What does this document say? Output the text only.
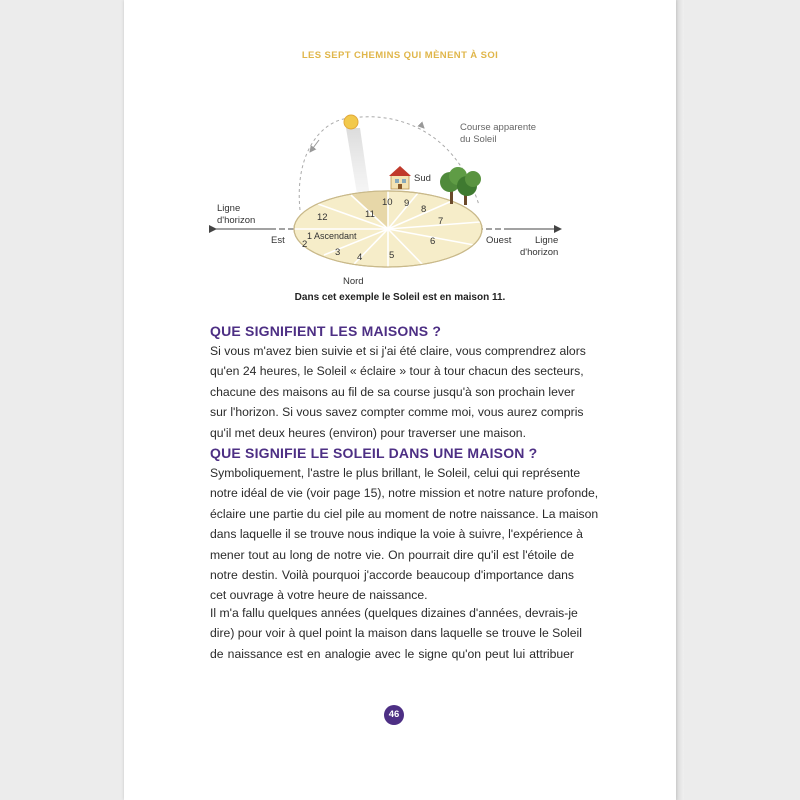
LES SEPT CHEMINS QUI MÈNENT À SOI
2
3 4	5
6
7
8
9
10
11
12
1 Ascendant
Sud
Nord
Est	Ouest
Ligne
d'horizon
Ligne
d'horizon
Course apparente
du Soleil
Dans cet exemple le Soleil est en maison 11.
QUE SIGNIFIENT LES MAISONS ?
Si vous m'avez bien suivie et si j'ai été claire, vous comprendrez alors
qu'en 24 heures, le Soleil « éclaire » tour à tour chacun des secteurs,
chacune des maisons au fil de sa course jusqu'à son prochain lever
sur l'horizon. Si vous savez compter comme moi, vous aurez compris
qu'il met deux heures (environ) pour traverser une maison.
QUE SIGNIFIE LE SOLEIL DANS UNE MAISON ?
Symboliquement, l'astre le plus brillant, le Soleil, celui qui représente
notre idéal de vie (voir page 15), notre mission et notre nature profonde,
éclaire une partie du ciel pile au moment de notre naissance. La maison
dans laquelle il se trouve nous indique la voie à suivre, l'expérience à
mener tout au long de notre vie. On pourrait dire qu'il est l'étoile de
notre destin. Voilà pourquoi j'accorde beaucoup d'importance dans
cet ouvrage à votre heure de naissance.
Il m'a fallu quelques années (quelques dizaines d'années, devrais-je
dire) pour voir à quel point la maison dans laquelle se trouve le Soleil
de naissance est en analogie avec le signe qu'on peut lui attribuer
46
